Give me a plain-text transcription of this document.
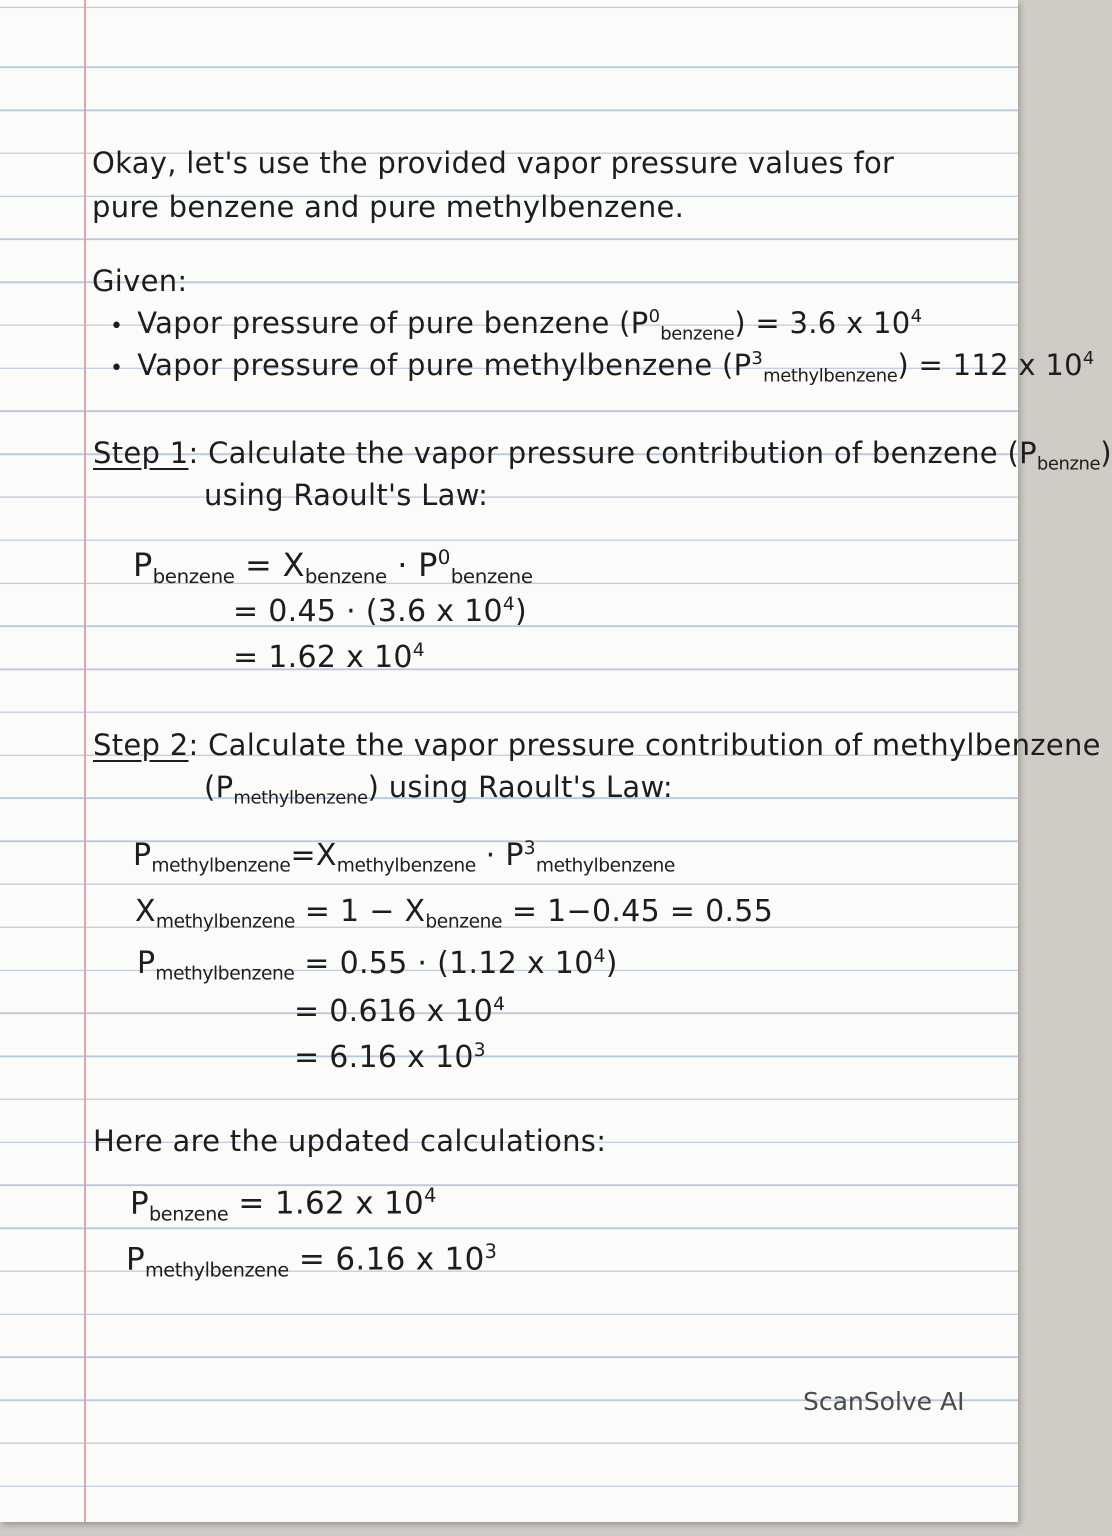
Okay, let's use the provided vapor pressure values for
pure benzene and pure methylbenzene.
Given:
• Vapor pressure of pure benzene $(P^0_{benzene}) = 3.6$ x $10^4$
• Vapor pressure of pure methylbenzene $(P^3_{methylbenzene}) = 112$ x $10^4$
Step 1: Calculate the vapor pressure contribution of benzene $(P_{benzne})$
using Raoult's Law:
$P_{benzene} = X_{benzene} \cdot P^0_{benzene}$
= 0.45 · (3.6 x $10^4$)
= 1.62 x $10^4$
Step 2: Calculate the vapor pressure contribution of methylbenzene
$(P_{methylbenzene})$ using Raoult's Law:
$P_{methylbenzene}=X_{methylbenzene} \cdot P^3_{methylbenzene}$
$X_{methylbenzene} = 1 - X_{benzene} = 1-0.45 = 0.55$
$P_{methylbenzene} = 0.55 \cdot (1.12$ x $10^4$)
= 0.616 x $10^4$
= 6.16 x $10^3$
Here are the updated calculations:
$P_{benzene} = 1.62$ x $10^4$
$P_{methylbenzene} = 6.16$ x $10^3$
ScanSolve AI
